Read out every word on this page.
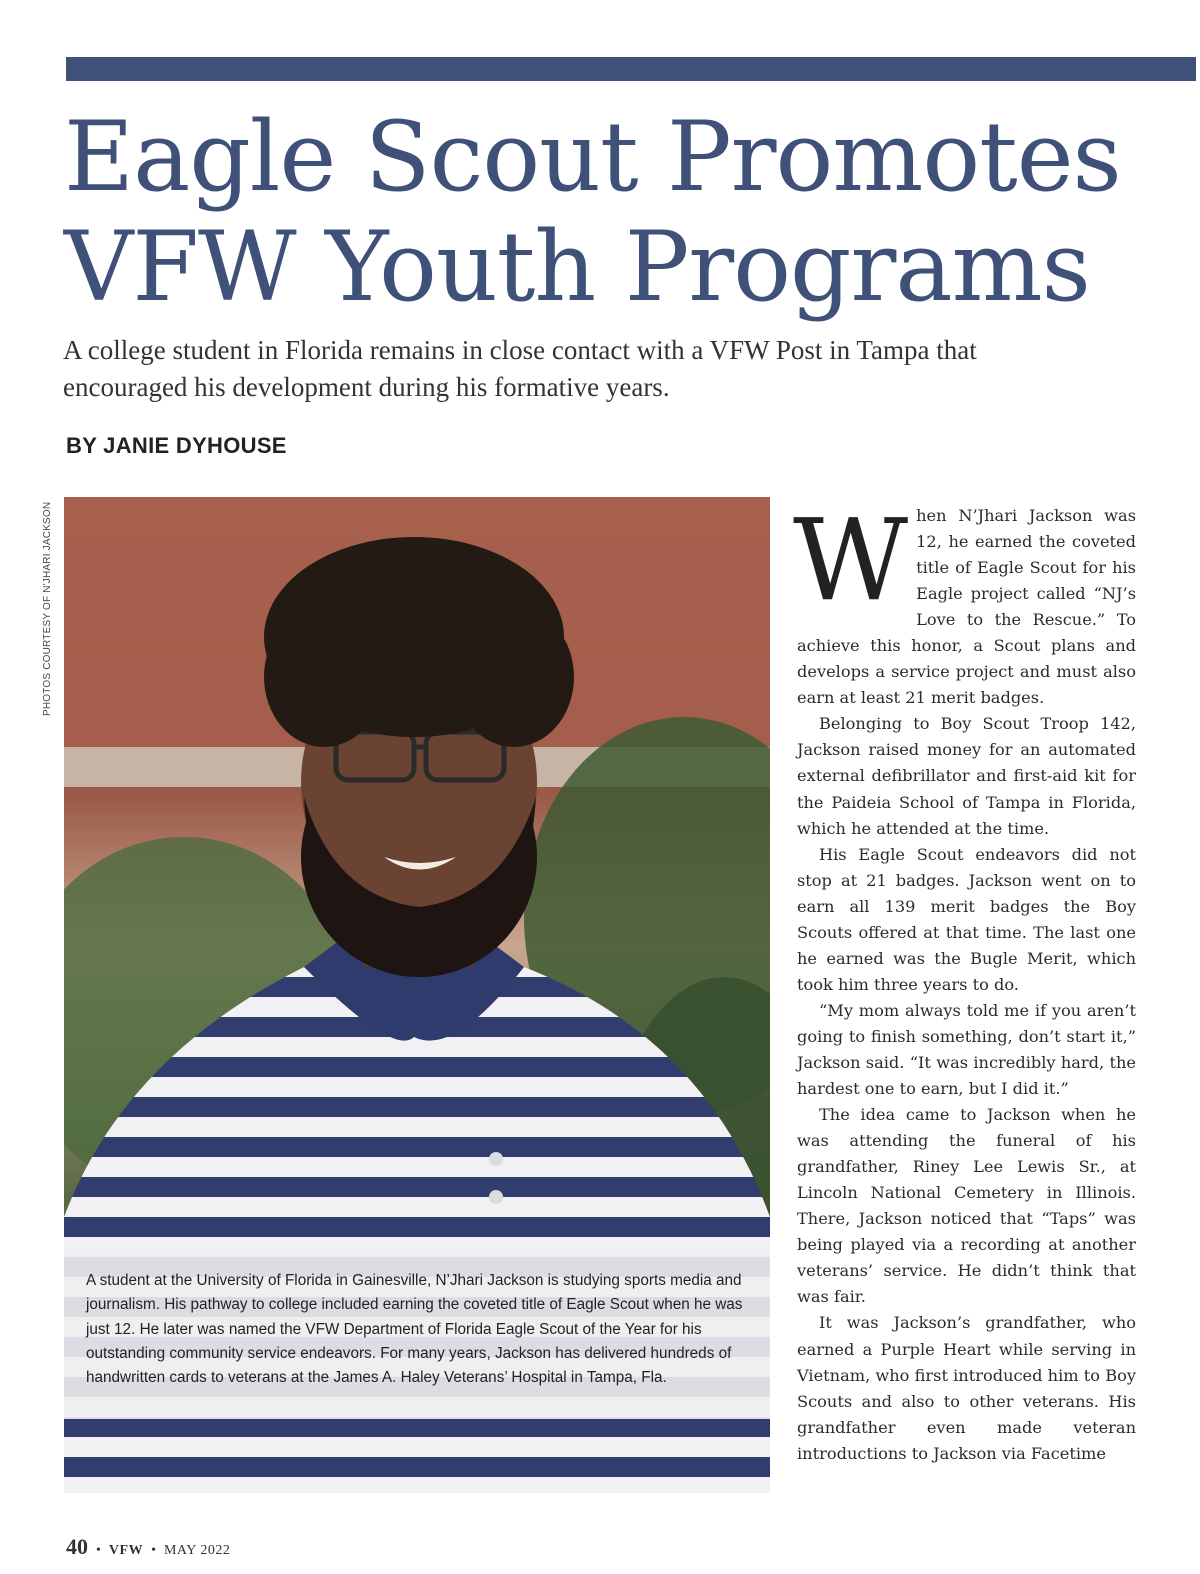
Eagle Scout Promotes
VFW Youth Programs

A college student in Florida remains in close contact with a VFW Post in Tampa that encouraged his development during his formative years.

BY JANIE DYHOUSE

PHOTOS COURTESY OF N'JHARI JACKSON

A student at the University of Florida in Gainesville, N’Jhari Jackson is studying sports media and journalism. His pathway to college included earning the coveted title of Eagle Scout when he was just 12. He later was named the VFW Department of Florida Eagle Scout of the Year for his outstanding community service endeavors. For many years, Jackson has delivered hundreds of handwritten cards to veterans at the James A. Haley Veterans’ Hospital in Tampa, Fla.

When N’Jhari Jackson was 12, he earned the coveted title of Eagle Scout for his Eagle project called “NJ’s Love to the Rescue.” To achieve this honor, a Scout plans and develops a service project and must also earn at least 21 merit badges.

Belonging to Boy Scout Troop 142, Jackson raised money for an automated external defibrillator and first-aid kit for the Paideia School of Tampa in Florida, which he attended at the time.

His Eagle Scout endeavors did not stop at 21 badges. Jackson went on to earn all 139 merit badges the Boy Scouts offered at that time. The last one he earned was the Bugle Merit, which took him three years to do.

“My mom always told me if you aren’t going to finish something, don’t start it,” Jackson said. “It was incredibly hard, the hardest one to earn, but I did it.”

The idea came to Jackson when he was attending the funeral of his grandfather, Riney Lee Lewis Sr., at Lincoln National Cemetery in Illinois. There, Jackson noticed that “Taps” was being played via a recording at another veterans’ service. He didn’t think that was fair.

It was Jackson’s grandfather, who earned a Purple Heart while serving in Vietnam, who first introduced him to Boy Scouts and also to other veterans. His grandfather even made veteran introductions to Jackson via Facetime

40 • VFW • MAY 2022
